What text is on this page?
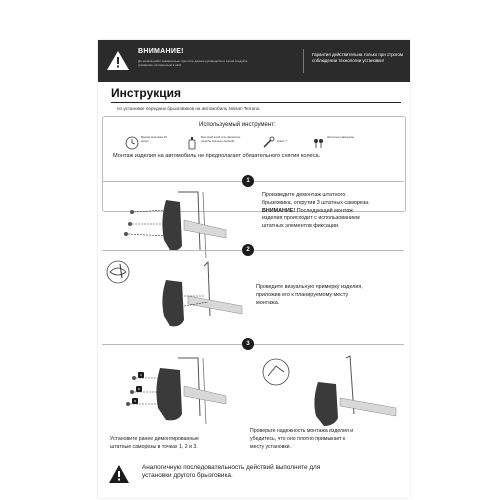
ВНИМАНИЕ!
До начала работ внимательно прочтите данное руководство и затем следуйте указаниям, изложенным в нём!
Гарантия действительна только при строгом соблюдении технологии установки!
Инструкция
по установке передних брызговиков на автомобиль Nissan Terrano.
Используемый инструмент:
Время монтажа 15 минут
Бытовой клей или фиксатор резьбы (сильно-липкий)	Ключ 7
Штатные саморезы
Монтаж изделия на автомобиль не предполагает обязательного снятия колеса.
1
Произведите демонтаж штатного
брызговика, открутив 3 штатных самореза.
ВНИМАНИЕ! Последующий монтаж
изделия происходит с использованием
штатных элементов фиксации.
2
Проведите визуальную примерку изделия,
приложив его к планируемому месту
монтажа.
3
1
2
3
Установите ранее демонтированные
штатные саморезы в точках 1, 2 и 3.
Проверьте надежность монтажа изделия и
убедитесь, что оно плотно примыкает к
месту установки.
Аналогичную последовательность действий выполните для
установки другого брызговика.
